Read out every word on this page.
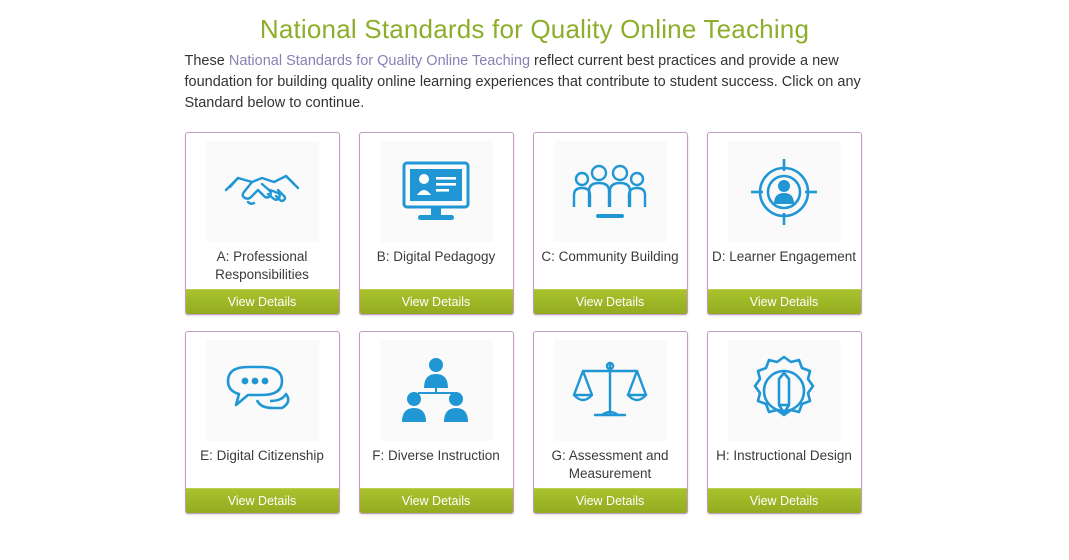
National Standards for Quality Online Teaching

These National Standards for Quality Online Teaching reflect current best practices and provide a new foundation for building quality online learning experiences that contribute to student success. Click on any Standard below to continue.

A: Professional Responsibilities
View Details
B: Digital Pedagogy
View Details
C: Community Building
View Details
D: Learner Engagement
View Details
E: Digital Citizenship
View Details
F: Diverse Instruction
View Details
G: Assessment and Measurement
View Details
H: Instructional Design
View Details
